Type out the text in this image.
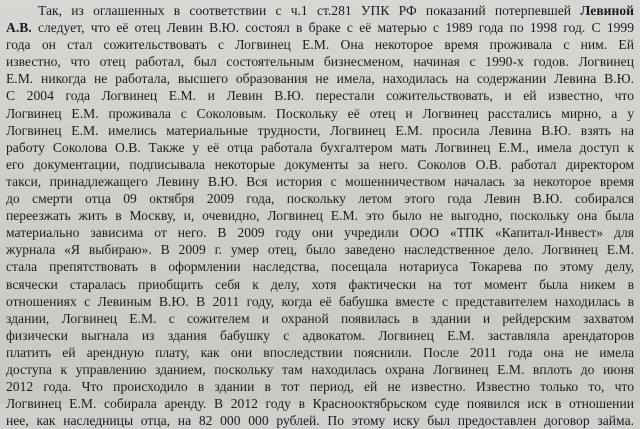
Так, из оглашенных в соответствии с ч.1 ст.281 УПК РФ показаний потерпевшей Левиной
А.В. следует, что её отец Левин В.Ю. состоял в браке с её матерью с 1989 года по 1998 год. С 1999
года он стал сожительствовать с Логвинец Е.М. Она некоторое время проживала с ним. Ей
известно, что отец работал, был состоятельным бизнесменом, начиная с 1990-х годов. Логвинец
Е.М. никогда не работала, высшего образования не имела, находилась на содержании Левина В.Ю.
С 2004 года Логвинец Е.М. и Левин В.Ю. перестали сожительствовать, и ей известно, что
Логвинец Е.М. проживала с Соколовым. Поскольку её отец и Логвинец расстались мирно, а у
Логвинец Е.М. имелись материальные трудности, Логвинец Е.М. просила Левина В.Ю. взять на
работу Соколова О.В. Также у её отца работала бухгалтером мать Логвинец Е.М., имела доступ к
его документации, подписывала некоторые документы за него. Соколов О.В. работал директором
такси, принадлежащего Левину В.Ю. Вся история с мошенничеством началась за некоторое время
до смерти отца 09 октября 2009 года, поскольку летом этого года Левин В.Ю. собирался
переезжать жить в Москву, и, очевидно, Логвинец Е.М. это было не выгодно, поскольку она была
материально зависима от него. В 2009 году они учредили ООО «ТПК «Капитал-Инвест» для
журнала «Я выбираю». В 2009 г. умер отец, было заведено наследственное дело. Логвинец Е.М.
стала препятствовать в оформлении наследства, посещала нотариуса Токарева по этому делу,
всячески старалась приобщить себя к делу, хотя фактически на тот момент была никем в
отношениях с Левиным В.Ю. В 2011 году, когда её бабушка вместе с представителем находилась в
здании, Логвинец Е.М. с сожителем и охраной появилась в здании и рейдерским захватом
физически выгнала из здания бабушку с адвокатом. Логвинец Е.М. заставляла арендаторов
платить ей арендную плату, как они впоследствии пояснили. После 2011 года она не имела
доступа к управлению зданием, поскольку там находилась охрана Логвинец Е.М. вплоть до июня
2012 года. Что происходило в здании в тот период, ей не известно. Известно только то, что
Логвинец Е.М. собирала аренду. В 2012 году в Краснооктябрьском суде появился иск в отношении
нее, как наследницы отца, на 82 000 000 рублей. По этому иску был предоставлен договор займа.
